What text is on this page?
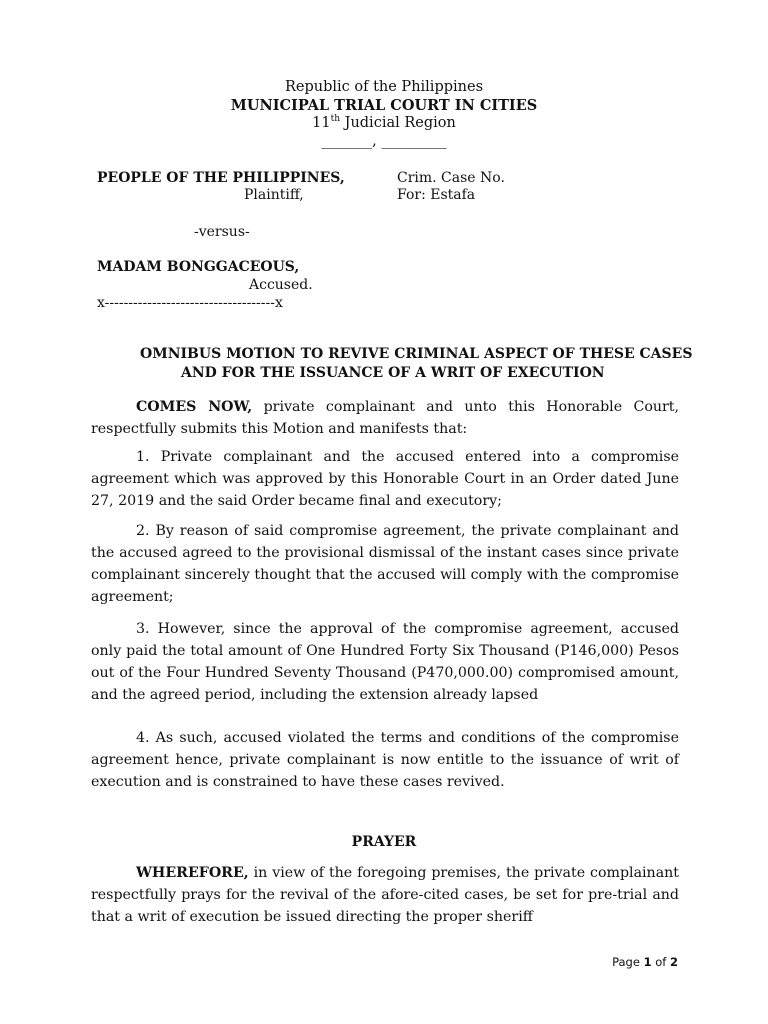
Republic of the Philippines
MUNICIPAL TRIAL COURT IN CITIES
11th Judicial Region
_______, _________
PEOPLE OF THE PHILIPPINES,
Plaintiff,
Crim. Case No.
For: Estafa
-versus-
MADAM BONGGACEOUS,
Accused.
x------------------------------------x
OMNIBUS MOTION TO REVIVE CRIMINAL ASPECT OF THESE CASES
AND FOR THE ISSUANCE OF A WRIT OF EXECUTION

COMES NOW, private complainant and unto this Honorable Court, respectfully submits this Motion and manifests that:

1. Private complainant and the accused entered into a compromise agreement which was approved by this Honorable Court in an Order dated June 27, 2019 and the said Order became final and executory;

2. By reason of said compromise agreement, the private complainant and the accused agreed to the provisional dismissal of the instant cases since private complainant sincerely thought that the accused will comply with the compromise agreement;

3. However, since the approval of the compromise agreement, accused only paid the total amount of One Hundred Forty Six Thousand (P146,000) Pesos out of the Four Hundred Seventy Thousand (P470,000.00) compromised amount, and the agreed period, including the extension already lapsed

4. As such, accused violated the terms and conditions of the compromise agreement hence, private complainant is now entitle to the issuance of writ of execution and is constrained to have these cases revived.

PRAYER

WHEREFORE, in view of the foregoing premises, the private complainant respectfully prays for the revival of the afore-cited cases, be set for pre-trial and that a writ of execution be issued directing the proper sheriff

Page 1 of 2
